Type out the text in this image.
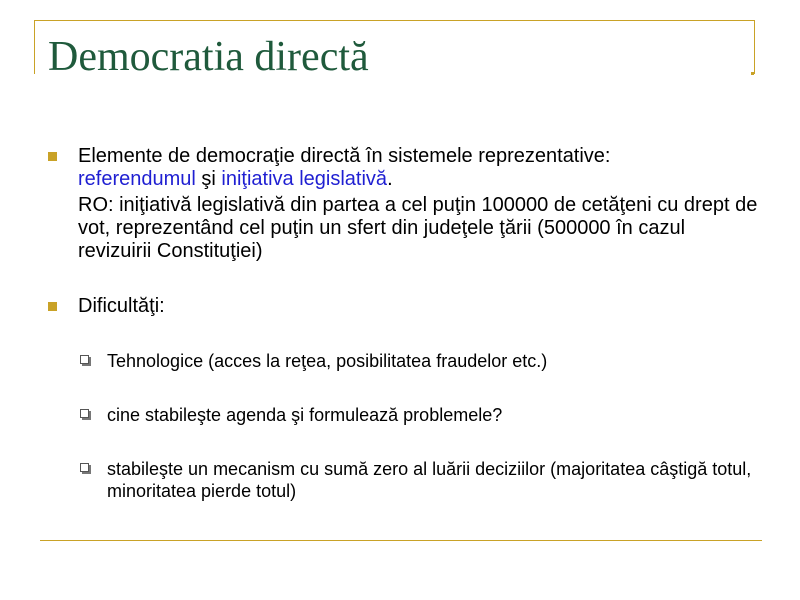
Democratia directă
Elemente de democraţie directă în sistemele reprezentative:
referendumul şi iniţiativa legislativă.
RO: iniţiativă legislativă din partea a cel puţin 100000 de cetăţeni cu drept de vot, reprezentând cel puţin un sfert din judeţele ţării (500000 în cazul revizuirii Constituţiei)
Dificultăţi:
Tehnologice (acces la reţea, posibilitatea fraudelor etc.)
cine stabileşte agenda şi formulează problemele?
stabileşte un mecanism cu sumă zero al luării deciziilor (majoritatea câştigă totul, minoritatea pierde totul)
